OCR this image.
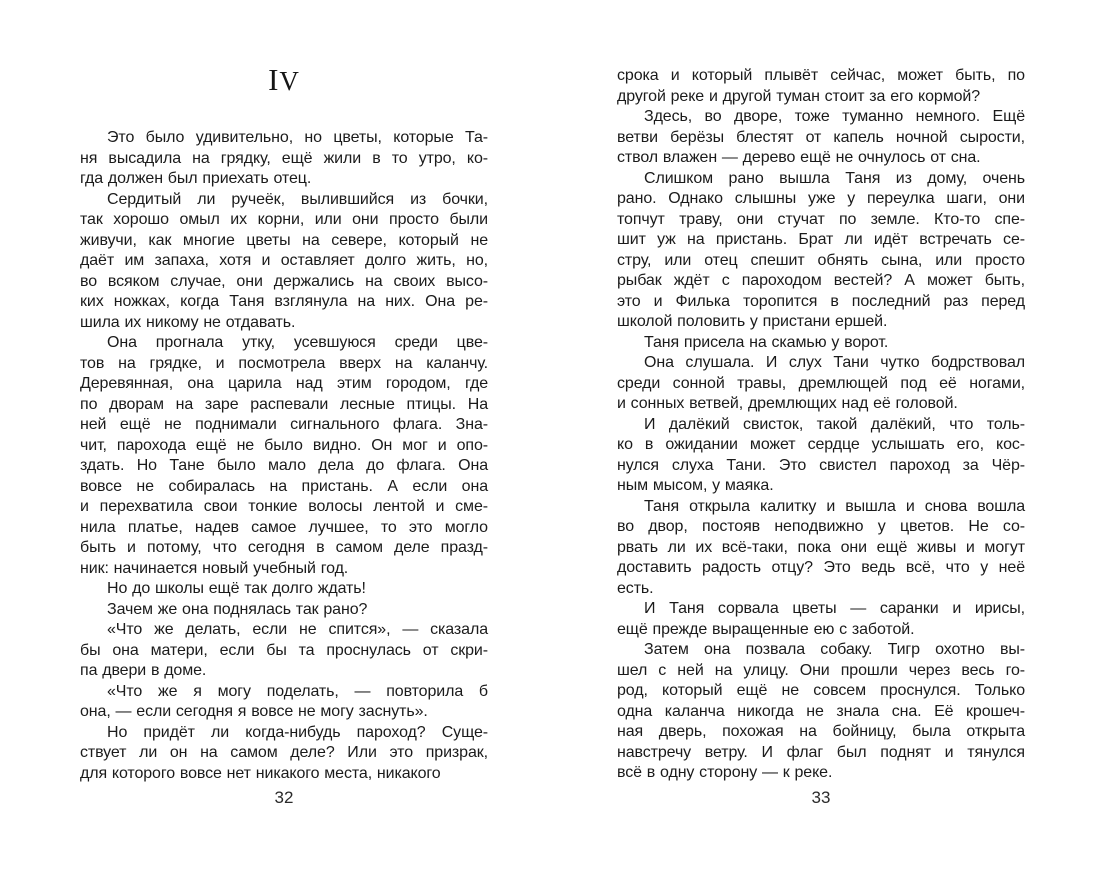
IV
Это было удивительно, но цветы, которые Та-
ня высадила на грядку, ещё жили в то утро, ко-
гда должен был приехать отец.
Сердитый ли ручеёк, вылившийся из бочки,
так хорошо омыл их корни, или они просто были
живучи, как многие цветы на севере, который не
даёт им запаха, хотя и оставляет долго жить, но,
во всяком случае, они держались на своих высо-
ких ножках, когда Таня взглянула на них. Она ре-
шила их никому не отдавать.
Она прогнала утку, усевшуюся среди цве-
тов на грядке, и посмотрела вверх на каланчу.
Деревянная, она царила над этим городом, где
по дворам на заре распевали лесные птицы. На
ней ещё не поднимали сигнального флага. Зна-
чит, парохода ещё не было видно. Он мог и опо-
здать. Но Тане было мало дела до флага. Она
вовсе не собиралась на пристань. А если она
и перехватила свои тонкие волосы лентой и сме-
нила платье, надев самое лучшее, то это могло
быть и потому, что сегодня в самом деле празд-
ник: начинается новый учебный год.
Но до школы ещё так долго ждать!
Зачем же она поднялась так рано?
«Что же делать, если не спится», — сказала
бы она матери, если бы та проснулась от скри-
па двери в доме.
«Что же я могу поделать, — повторила б
она, — если сегодня я вовсе не могу заснуть».
Но придёт ли когда-нибудь пароход? Суще-
ствует ли он на самом деле? Или это призрак,
для которого вовсе нет никакого места, никакого
32
срока и который плывёт сейчас, может быть, по
другой реке и другой туман стоит за его кормой?
Здесь, во дворе, тоже туманно немного. Ещё
ветви берёзы блестят от капель ночной сырости,
ствол влажен — дерево ещё не очнулось от сна.
Слишком рано вышла Таня из дому, очень
рано. Однако слышны уже у переулка шаги, они
топчут траву, они стучат по земле. Кто-то спе-
шит уж на пристань. Брат ли идёт встречать се-
стру, или отец спешит обнять сына, или просто
рыбак ждёт с пароходом вестей? А может быть,
это и Филька торопится в последний раз перед
школой половить у пристани ершей.
Таня присела на скамью у ворот.
Она слушала. И слух Тани чутко бодрствовал
среди сонной травы, дремлющей под её ногами,
и сонных ветвей, дремлющих над её головой.
И далёкий свисток, такой далёкий, что толь-
ко в ожидании может сердце услышать его, кос-
нулся слуха Тани. Это свистел пароход за Чёр-
ным мысом, у маяка.
Таня открыла калитку и вышла и снова вошла
во двор, постояв неподвижно у цветов. Не со-
рвать ли их всё-таки, пока они ещё живы и могут
доставить радость отцу? Это ведь всё, что у неё
есть.
И Таня сорвала цветы — саранки и ирисы,
ещё прежде выращенные ею с заботой.
Затем она позвала собаку. Тигр охотно вы-
шел с ней на улицу. Они прошли через весь го-
род, который ещё не совсем проснулся. Только
одна каланча никогда не знала сна. Её крошеч-
ная дверь, похожая на бойницу, была открыта
навстречу ветру. И флаг был поднят и тянулся
всё в одну сторону — к реке.
33
